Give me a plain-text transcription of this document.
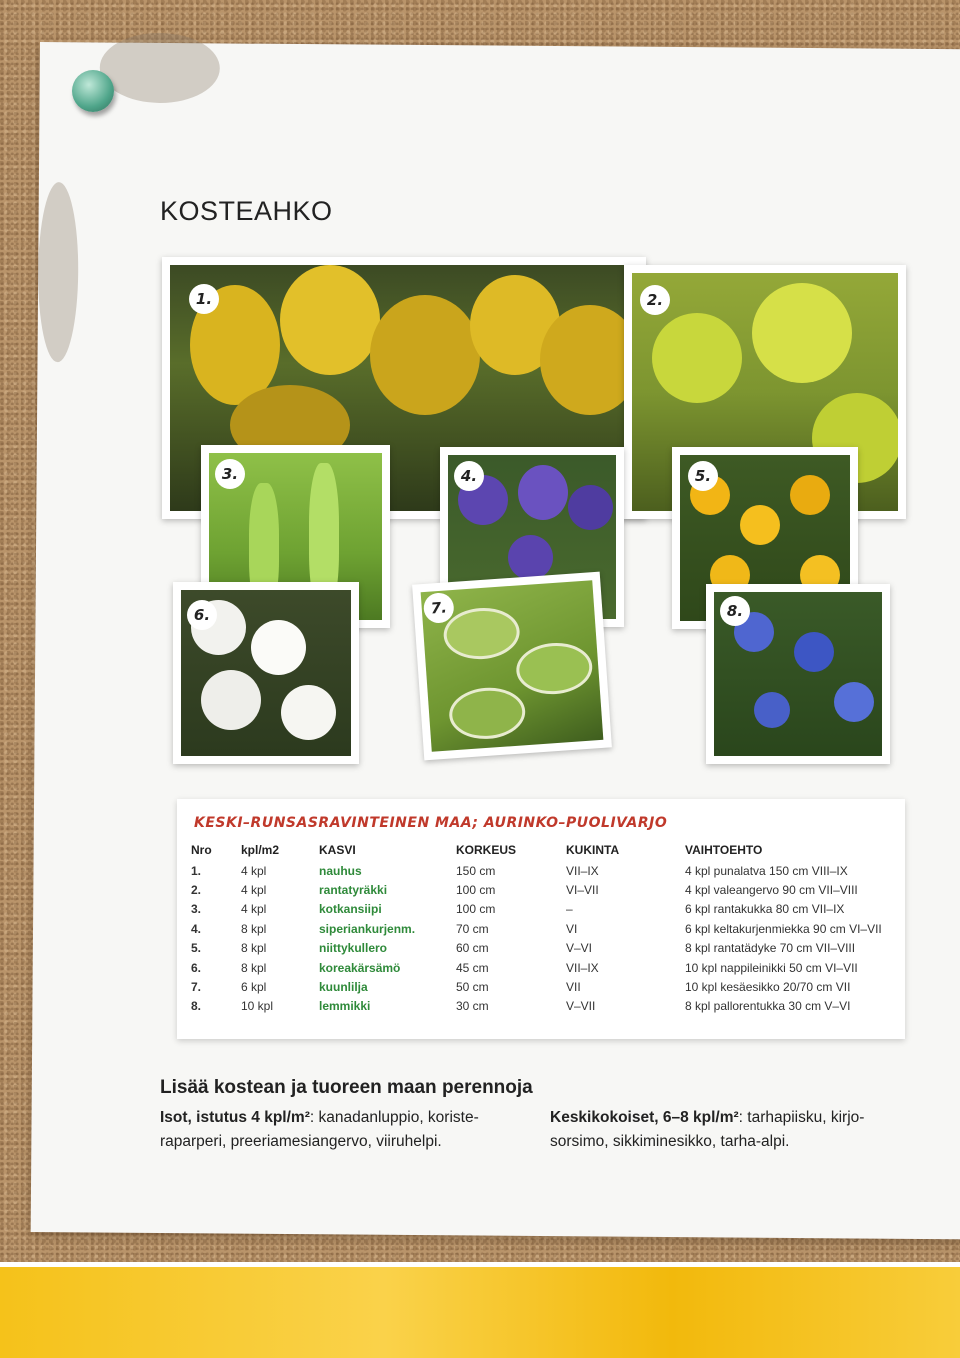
KOSTEAHKO
1.	2.
3.	4.	5.
6.	7.	8.
KESKI–RUNSASRAVINTEINEN MAA; AURINKO–PUOLIVARJO
Nro	kpl/m2	KASVI	KORKEUS	KUKINTA	VAIHTOEHTO
1.	4 kpl	nauhus	150 cm	VII–IX	4 kpl punalatva 150 cm VIII–IX
2.	4 kpl	rantatyräkki	100 cm	VI–VII	4 kpl valeangervo 90 cm VII–VIII
3.	4 kpl	kotkansiipi	100 cm	–	6 kpl rantakukka 80 cm VII–IX
4.	8 kpl	siperiankurjenm.	70 cm	VI	6 kpl keltakurjenmiekka 90 cm VI–VII
5.	8 kpl	niittykullero	60 cm	V–VI	8 kpl rantatädyke 70 cm VII–VIII
6.	8 kpl	koreakärsämö	45 cm	VII–IX	10 kpl nappileinikki 50 cm VI–VII
7.	6 kpl	kuunlilja	50 cm	VII	10 kpl kesäesikko 20/70 cm VII
8.	10 kpl	lemmikki	30 cm	V–VII	8 kpl pallorentukka 30 cm V–VI
Lisää kostean ja tuoreen maan perennoja

Isot, istutus 4 kpl/m²: kanadanluppio, koriste-
raparperi, preeriamesiangervo, viiruhelpi.

Keskikokoiset, 6–8 kpl/m²: tarhapiisku, kirjo-
sorsimo, sikkiminesikko, tarha-alpi.
